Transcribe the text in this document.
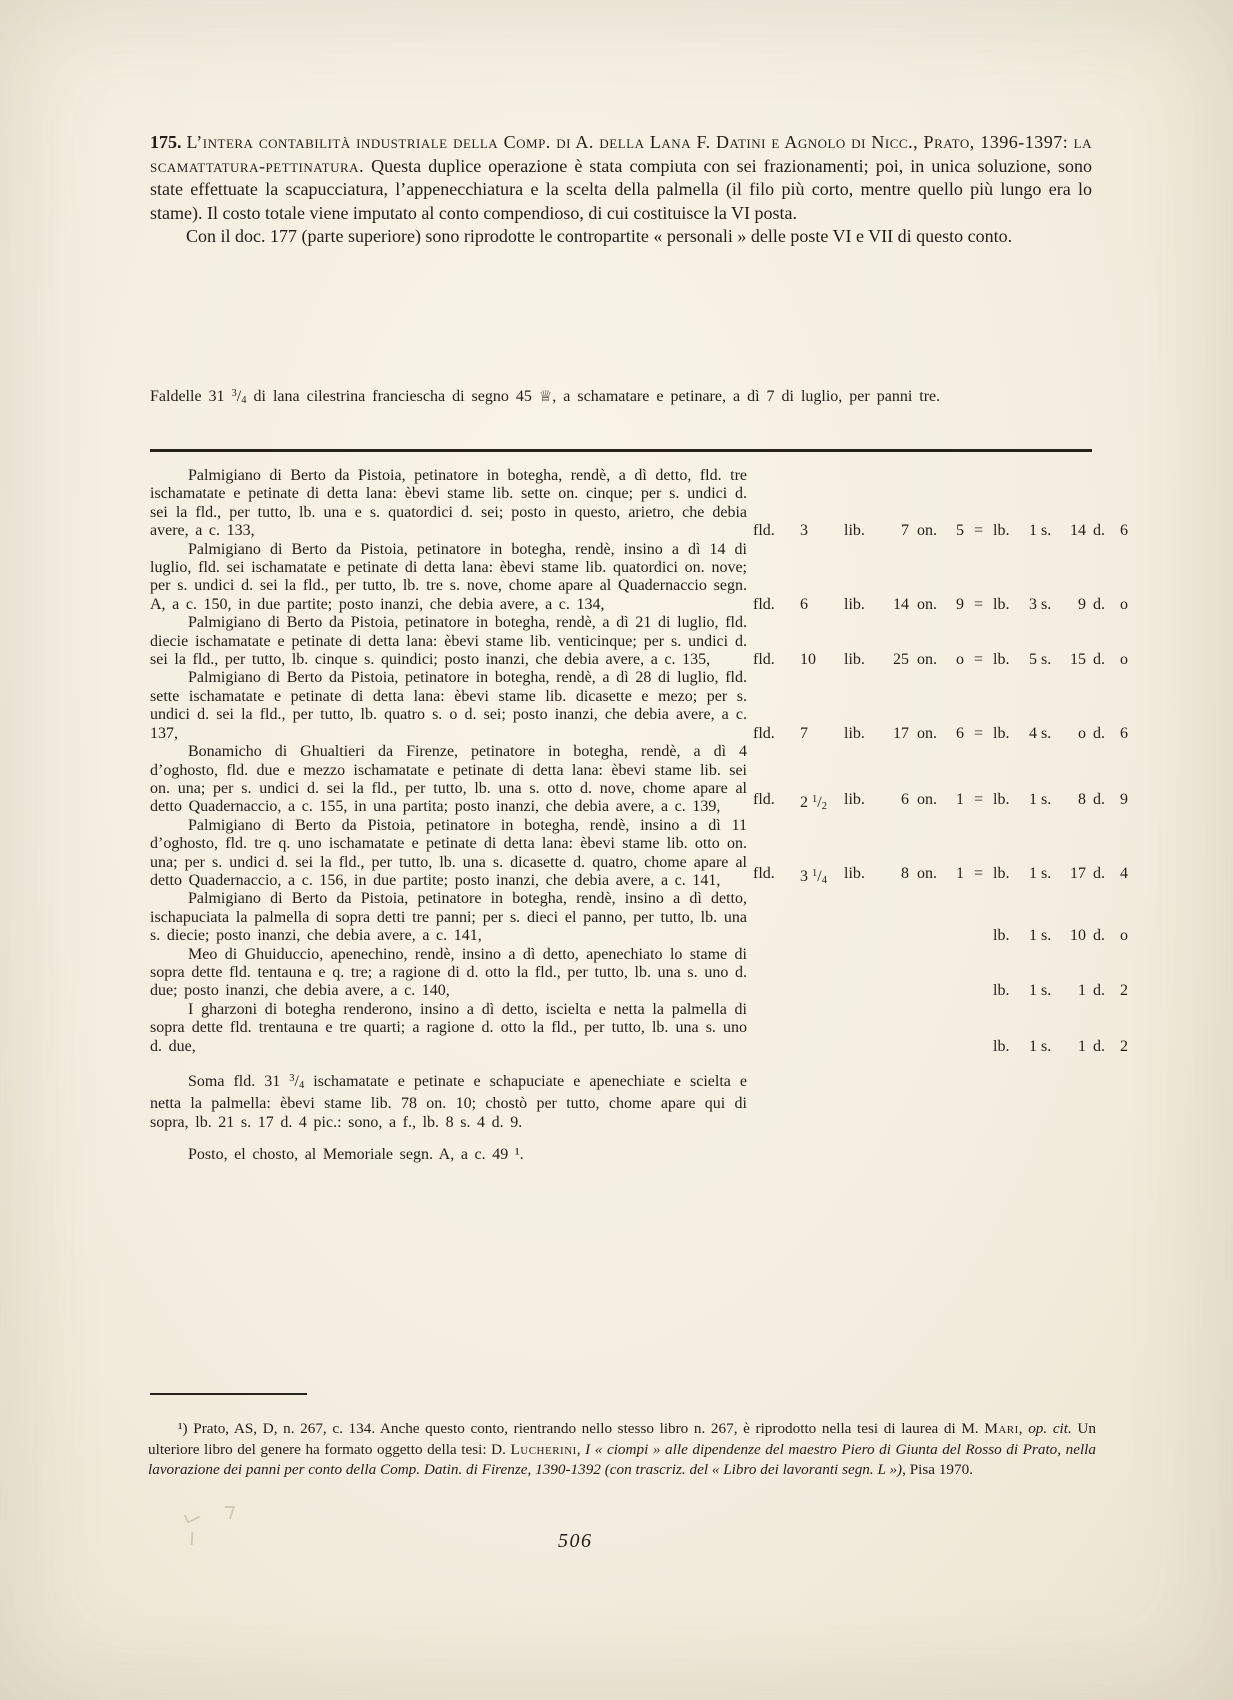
175. L’intera contabilità industriale della Comp. di A. della Lana F. Datini e Agnolo di Nicc., Prato, 1396-1397: la scamattatura-pettinatura. Questa duplice operazione è stata compiuta con sei frazionamenti; poi, in unica soluzione, sono state effettuate la scapucciatura, l’appenecchiatura e la scelta della palmella (il filo più corto, mentre quello più lungo era lo stame). Il costo totale viene imputato al conto compendioso, di cui costituisce la VI posta.

Con il doc. 177 (parte superiore) sono riprodotte le contropartite « personali » delle poste VI e VII di questo conto.

Faldelle 31 $^3/_4$ di lana cilestrina franciescha di segno 45 ♕, a schamatare e petinare, a dì 7 di luglio, per panni tre.

Palmigiano di Berto da Pistoia, petinatore in botegha, rendè, a dì detto, fld. tre ischamatate e petinate di detta lana: èbevi stame lib. sette on. cinque; per s. undici d. sei la fld., per tutto, lb. una e s. quatordici d. sei; posto in questo, arietro, che debia avere, a c. 133,	fld.	3	lib.	7 on.	5 = lb.	1 s.	14 d. 6

Palmigiano di Berto da Pistoia, petinatore in botegha, rendè, insino a dì 14 di luglio, fld. sei ischamatate e petinate di detta lana: èbevi stame lib. quatordici on. nove; per s. undici d. sei la fld., per tutto, lb. tre s. nove, chome apare al Quadernaccio segn. A, a c. 150, in due partite; posto inanzi, che debia avere, a c. 134,	fld.	6	lib.	14 on.	9 = lb.	3 s.	9 d. o

Palmigiano di Berto da Pistoia, petinatore in botegha, rendè, a dì 21 di luglio, fld. diecie ischamatate e petinate di detta lana: èbevi stame lib. venticinque; per s. undici d. sei la fld., per tutto, lb. cinque s. quindici; posto inanzi, che debia avere, a c. 135,	fld.	10	lib.	25 on.	o = lb.	5 s.	15 d. o

Palmigiano di Berto da Pistoia, petinatore in botegha, rendè, a dì 28 di luglio, fld. sette ischamatate e petinate di detta lana: èbevi stame lib. dicasette e mezo; per s. undici d. sei la fld., per tutto, lb. quatro s. o d. sei; posto inanzi, che debia avere, a c. 137,	fld.	7	lib.	17 on.	6 = lb.	4 s.	o d. 6

Bonamicho di Ghualtieri da Firenze, petinatore in botegha, rendè, a dì 4 d’oghosto, fld. due e mezzo ischamatate e petinate di detta lana: èbevi stame lib. sei on. una; per s. undici d. sei la fld., per tutto, lb. una s. otto d. nove, chome apare al detto Quadernaccio, a c. 155, in una partita; posto inanzi, che debia avere, a c. 139,	fld.	2 $^1/_2$	lib.	6 on.	1 = lb.	1 s.	8 d. 9

Palmigiano di Berto da Pistoia, petinatore in botegha, rendè, insino a dì 11 d’oghosto, fld. tre q. uno ischamatate e petinate di detta lana: èbevi stame lib. otto on. una; per s. undici d. sei la fld., per tutto, lb. una s. dicasette d. quatro, chome apare al detto Quadernaccio, a c. 156, in due partite; posto inanzi, che debia avere, a c. 141,	fld.	3 $^1/_4$	lib.	8 on.	1 = lb.	1 s.	17 d. 4

Palmigiano di Berto da Pistoia, petinatore in botegha, rendè, insino a dì detto, ischapuciata la palmella di sopra detti tre panni; per s. dieci el panno, per tutto, lb. una s. diecie; posto inanzi, che debia avere, a c. 141,	lb.	1 s.	10 d. o

Meo di Ghuiduccio, apenechino, rendè, insino a dì detto, apenechiato lo stame di sopra dette fld. tentauna e q. tre; a ragione di d. otto la fld., per tutto, lb. una s. uno d. due; posto inanzi, che debia avere, a c. 140,	lb.	1 s.	1 d. 2

I gharzoni di botegha renderono, insino a dì detto, iscielta e netta la palmella di sopra dette fld. trentauna e tre quarti; a ragione d. otto la fld., per tutto, lb. una s. uno d. due,	lb.	1 s.	1 d. 2

Soma fld. 31 $^3/_4$ ischamatate e petinate e schapuciate e apenechiate e scielta e netta la palmella: èbevi stame lib. 78 on. 10; chostò per tutto, chome apare qui di sopra, lb. 21 s. 17 d. 4 pic.: sono, a f., lb. 8 s. 4 d. 9.

Posto, el chosto, al Memoriale segn. A, a c. 49 ¹.

¹) Prato, AS, D, n. 267, c. 134. Anche questo conto, rientrando nello stesso libro n. 267, è riprodotto nella tesi di laurea di M. Mari, op. cit. Un ulteriore libro del genere ha formato oggetto della tesi: D. Lucherini, I « ciompi » alle dipendenze del maestro Piero di Giunta del Rosso di Prato, nella lavorazione dei panni per conto della Comp. Datin. di Firenze, 1390-1392 (con trascriz. del « Libro dei lavoranti segn. L »), Pisa 1970.

506
